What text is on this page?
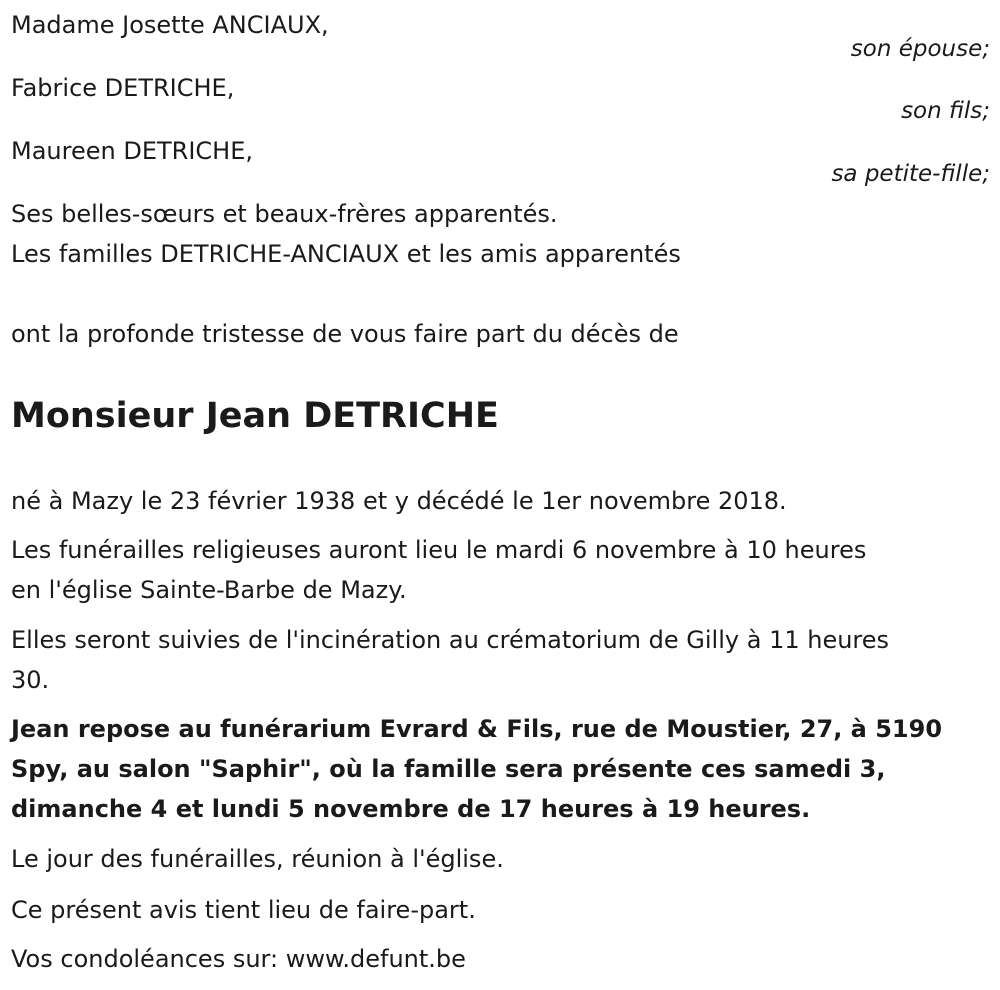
Madame Josette ANCIAUX,
son épouse;
Fabrice DETRICHE,
son fils;
Maureen DETRICHE,
sa petite-fille;
Ses belles-sœurs et beaux-frères apparentés.
Les familles DETRICHE-ANCIAUX et les amis apparentés
ont la profonde tristesse de vous faire part du décès de
Monsieur Jean DETRICHE
né à Mazy le 23 février 1938 et y décédé le 1er novembre 2018.
Les funérailles religieuses auront lieu le mardi 6 novembre à 10 heures
en l'église Sainte-Barbe de Mazy.
Elles seront suivies de l'incinération au crématorium de Gilly à 11 heures
30.
Jean repose au funérarium Evrard & Fils, rue de Moustier, 27, à 5190
Spy, au salon "Saphir", où la famille sera présente ces samedi 3,
dimanche 4 et lundi 5 novembre de 17 heures à 19 heures.
Le jour des funérailles, réunion à l'église.
Ce présent avis tient lieu de faire-part.
Vos condoléances sur: www.defunt.be
